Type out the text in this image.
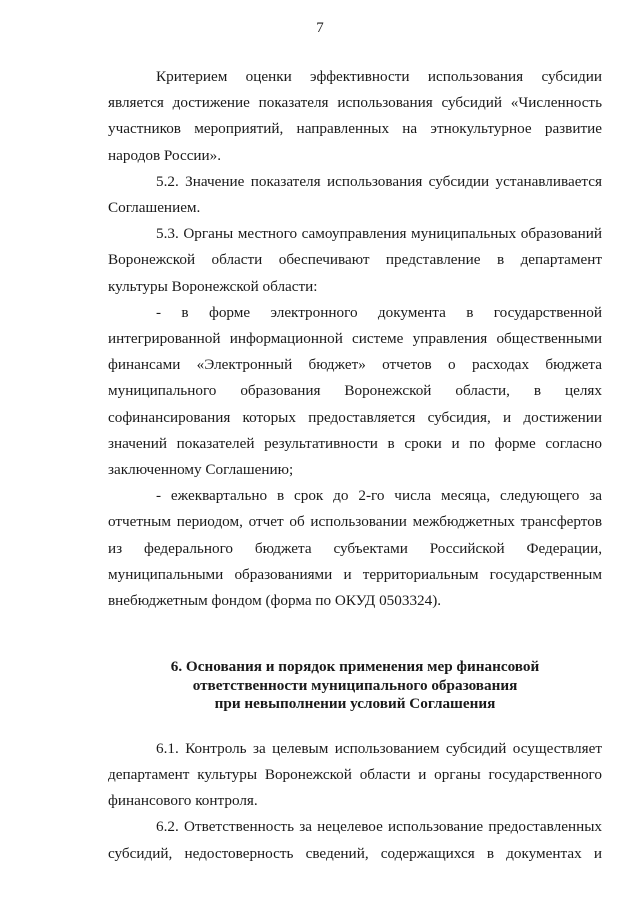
7

Критерием оценки эффективности использования субсидии является достижение показателя использования субсидий «Численность участников мероприятий, направленных на этнокультурное развитие народов России».

5.2. Значение показателя использования субсидии устанавливается Соглашением.

5.3. Органы местного самоуправления муниципальных образований Воронежской области обеспечивают представление в департамент культуры Воронежской области:

- в форме электронного документа в государственной интегрированной информационной системе управления общественными финансами «Электронный бюджет» отчетов о расходах бюджета муниципального образования Воронежской области, в целях софинансирования которых предоставляется субсидия, и достижении значений показателей результативности в сроки и по форме согласно заключенному Соглашению;

- ежеквартально в срок до 2-го числа месяца, следующего за отчетным периодом, отчет об использовании межбюджетных трансфертов из федерального бюджета субъектами Российской Федерации, муниципальными образованиями и территориальным государственным внебюджетным фондом (форма по ОКУД 0503324).

6. Основания и порядок применения мер финансовой
ответственности муниципального образования
при невыполнении условий Соглашения

6.1. Контроль за целевым использованием субсидий осуществляет департамент культуры Воронежской области и органы государственного финансового контроля.

6.2. Ответственность за нецелевое использование предоставленных субсидий, недостоверность сведений, содержащихся в документах и
